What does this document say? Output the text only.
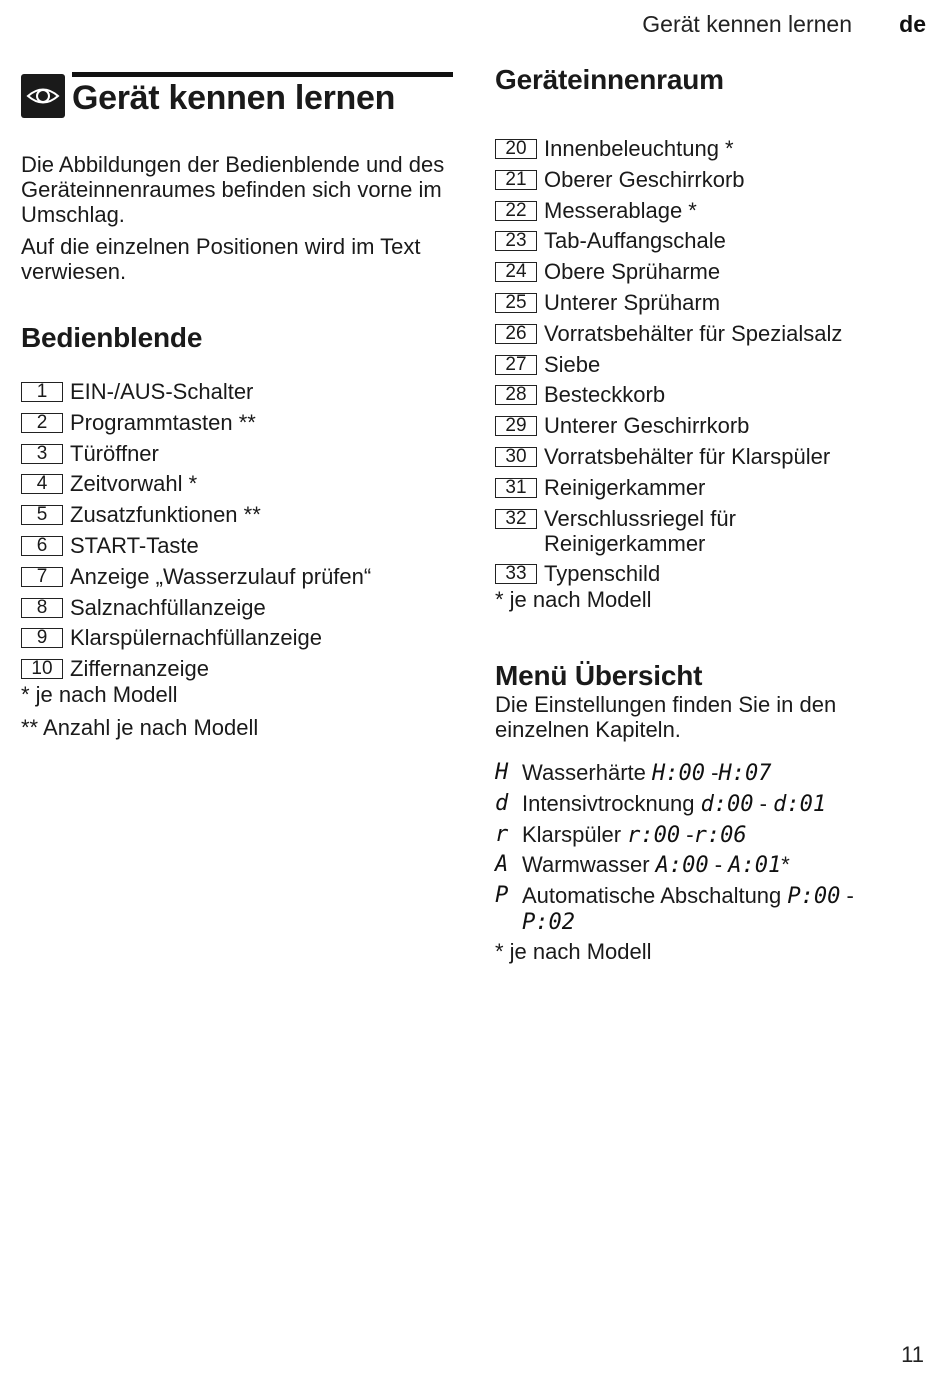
Gerät kennen lernen de
Gerät kennen lernen

Die Abbildungen der Bedienblende und des Geräteinnenraumes befinden sich vorne im Umschlag.

Auf die einzelnen Positionen wird im Text verwiesen.

Bedienblende
1	EIN-/AUS-Schalter
2	Programmtasten **
3	Türöffner
4	Zeitvorwahl *
5	Zusatzfunktionen **
6	START-Taste
7	Anzeige „Wasserzulauf prüfen“
8	Salznachfüllanzeige
9	Klarspülernachfüllanzeige
10 Ziffernanzeige
* je nach Modell
** Anzahl je nach Modell
Geräteinnenraum
20 Innenbeleuchtung *
21 Oberer Geschirrkorb
22 Messerablage *
23 Tab-Auffangschale
24 Obere Sprüharme
25 Unterer Sprüharm
26 Vorratsbehälter für Spezialsalz
27 Siebe
28 Besteckkorb
29 Unterer Geschirrkorb
30 Vorratsbehälter für Klarspüler
31 Reinigerkammer
32 Verschlussriegel für Reinigerkammer
33 Typenschild
* je nach Modell
Menü Übersicht

Die Einstellungen finden Sie in den einzelnen Kapiteln.

H Wasserhärte H:00 -H:07
d Intensivtrocknung d:00 - d:01
r Klarspüler r:00 -r:06
A Warmwasser A:00 - A:01*
P Automatische Abschaltung P:00 - P:02
* je nach Modell
11
